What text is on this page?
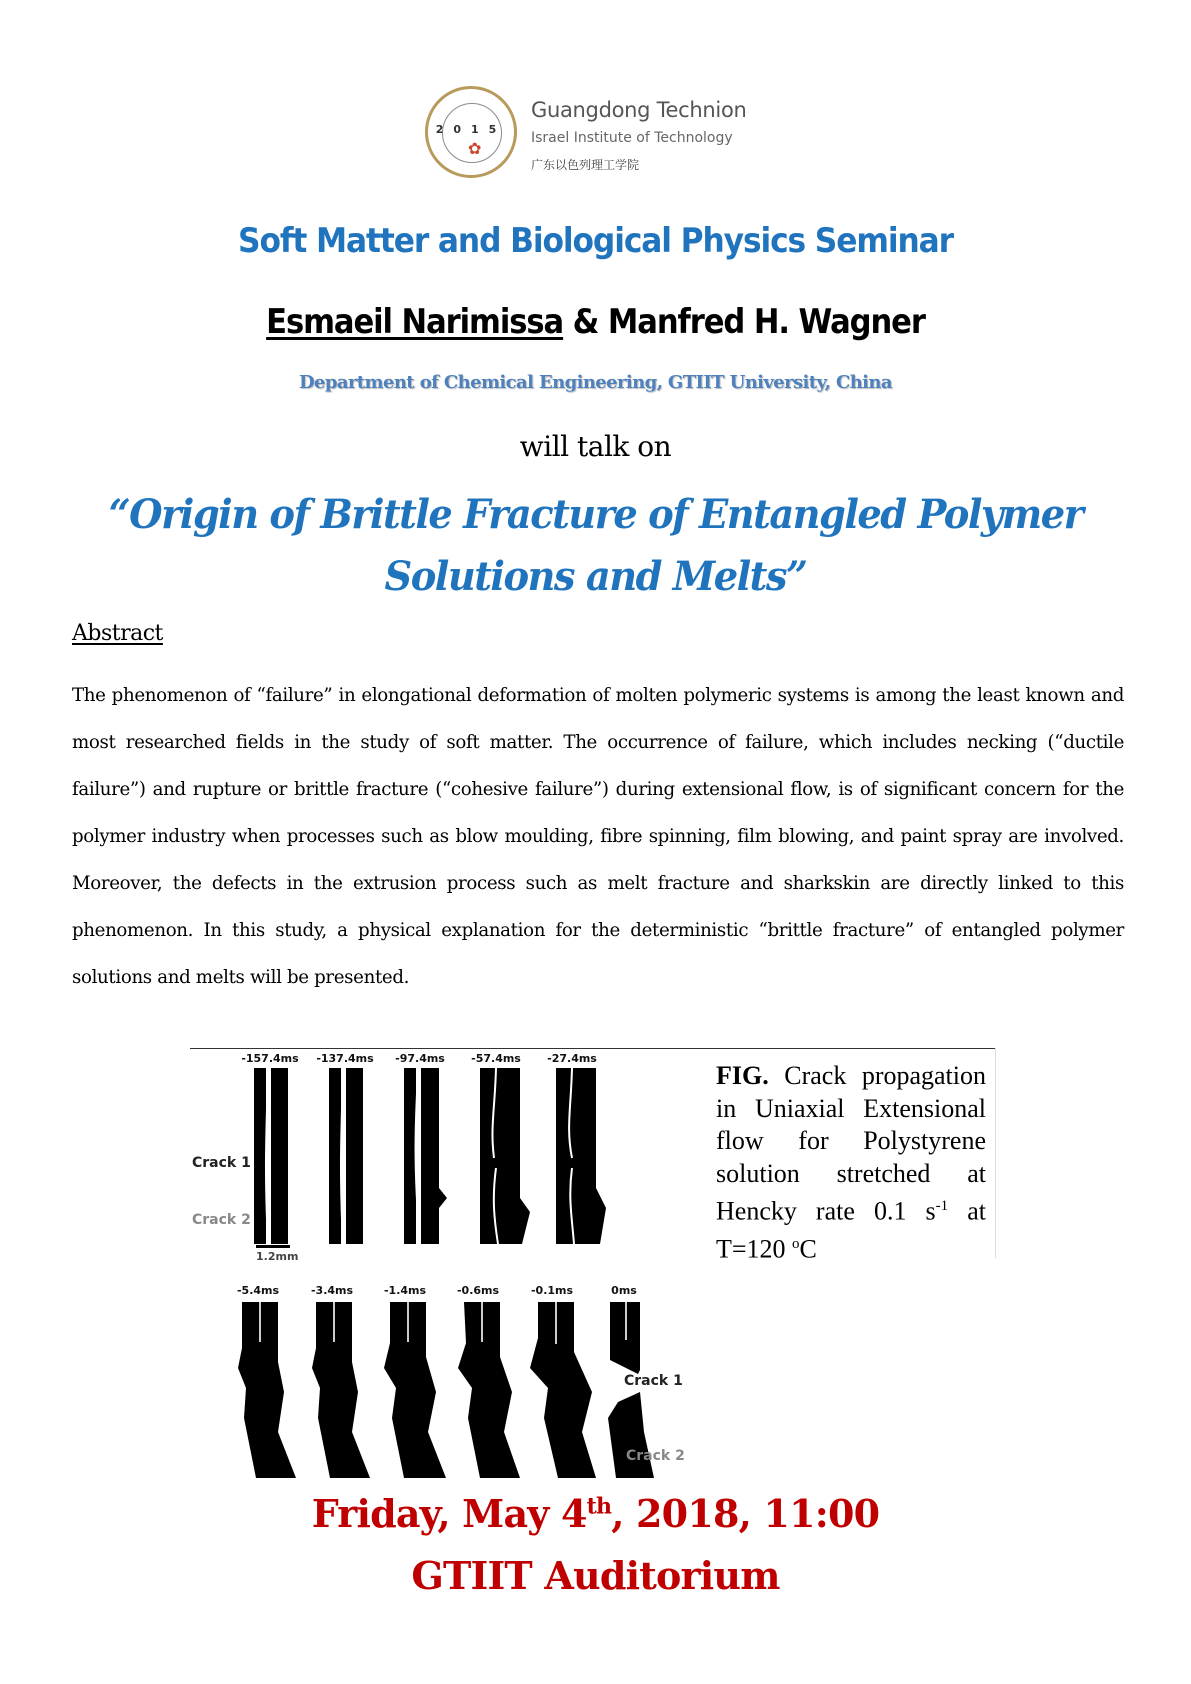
2015
✿
Guangdong Technion
Israel Institute of Technology
广东以色列理工学院
Soft Matter and Biological Physics Seminar
Esmaeil Narimissa & Manfred H. Wagner
Department of Chemical Engineering, GTIIT University, China
will talk on
“Origin of Brittle Fracture of Entangled Polymer
Solutions and Melts”
Abstract
The phenomenon of “failure” in elongational deformation of molten polymeric systems is among the least known and most researched fields in the study of soft matter. The occurrence of failure, which includes necking (“ductile failure”) and rupture or brittle fracture (“cohesive failure”) during extensional flow, is of significant concern for the polymer industry when processes such as blow moulding, fibre spinning, film blowing, and paint spray are involved. Moreover, the defects in the extrusion process such as melt fracture and sharkskin are directly linked to this phenomenon. In this study, a physical explanation for the deterministic “brittle fracture” of entangled polymer solutions and melts will be presented.
-157.4ms -137.4ms -97.4ms -57.4ms -27.4ms
Crack 1
Crack 2
1.2mm
FIG. Crack propagation in Uniaxial Extensional flow for Polystyrene solution stretched at Hencky rate 0.1 $s^{-1}$ at T=120 $^o$C
-5.4ms	-3.4ms	-1.4ms	-0.6ms	-0.1ms	0ms
Crack 1
Crack 2
Friday, May 4th, 2018, 11:00
GTIIT Auditorium
